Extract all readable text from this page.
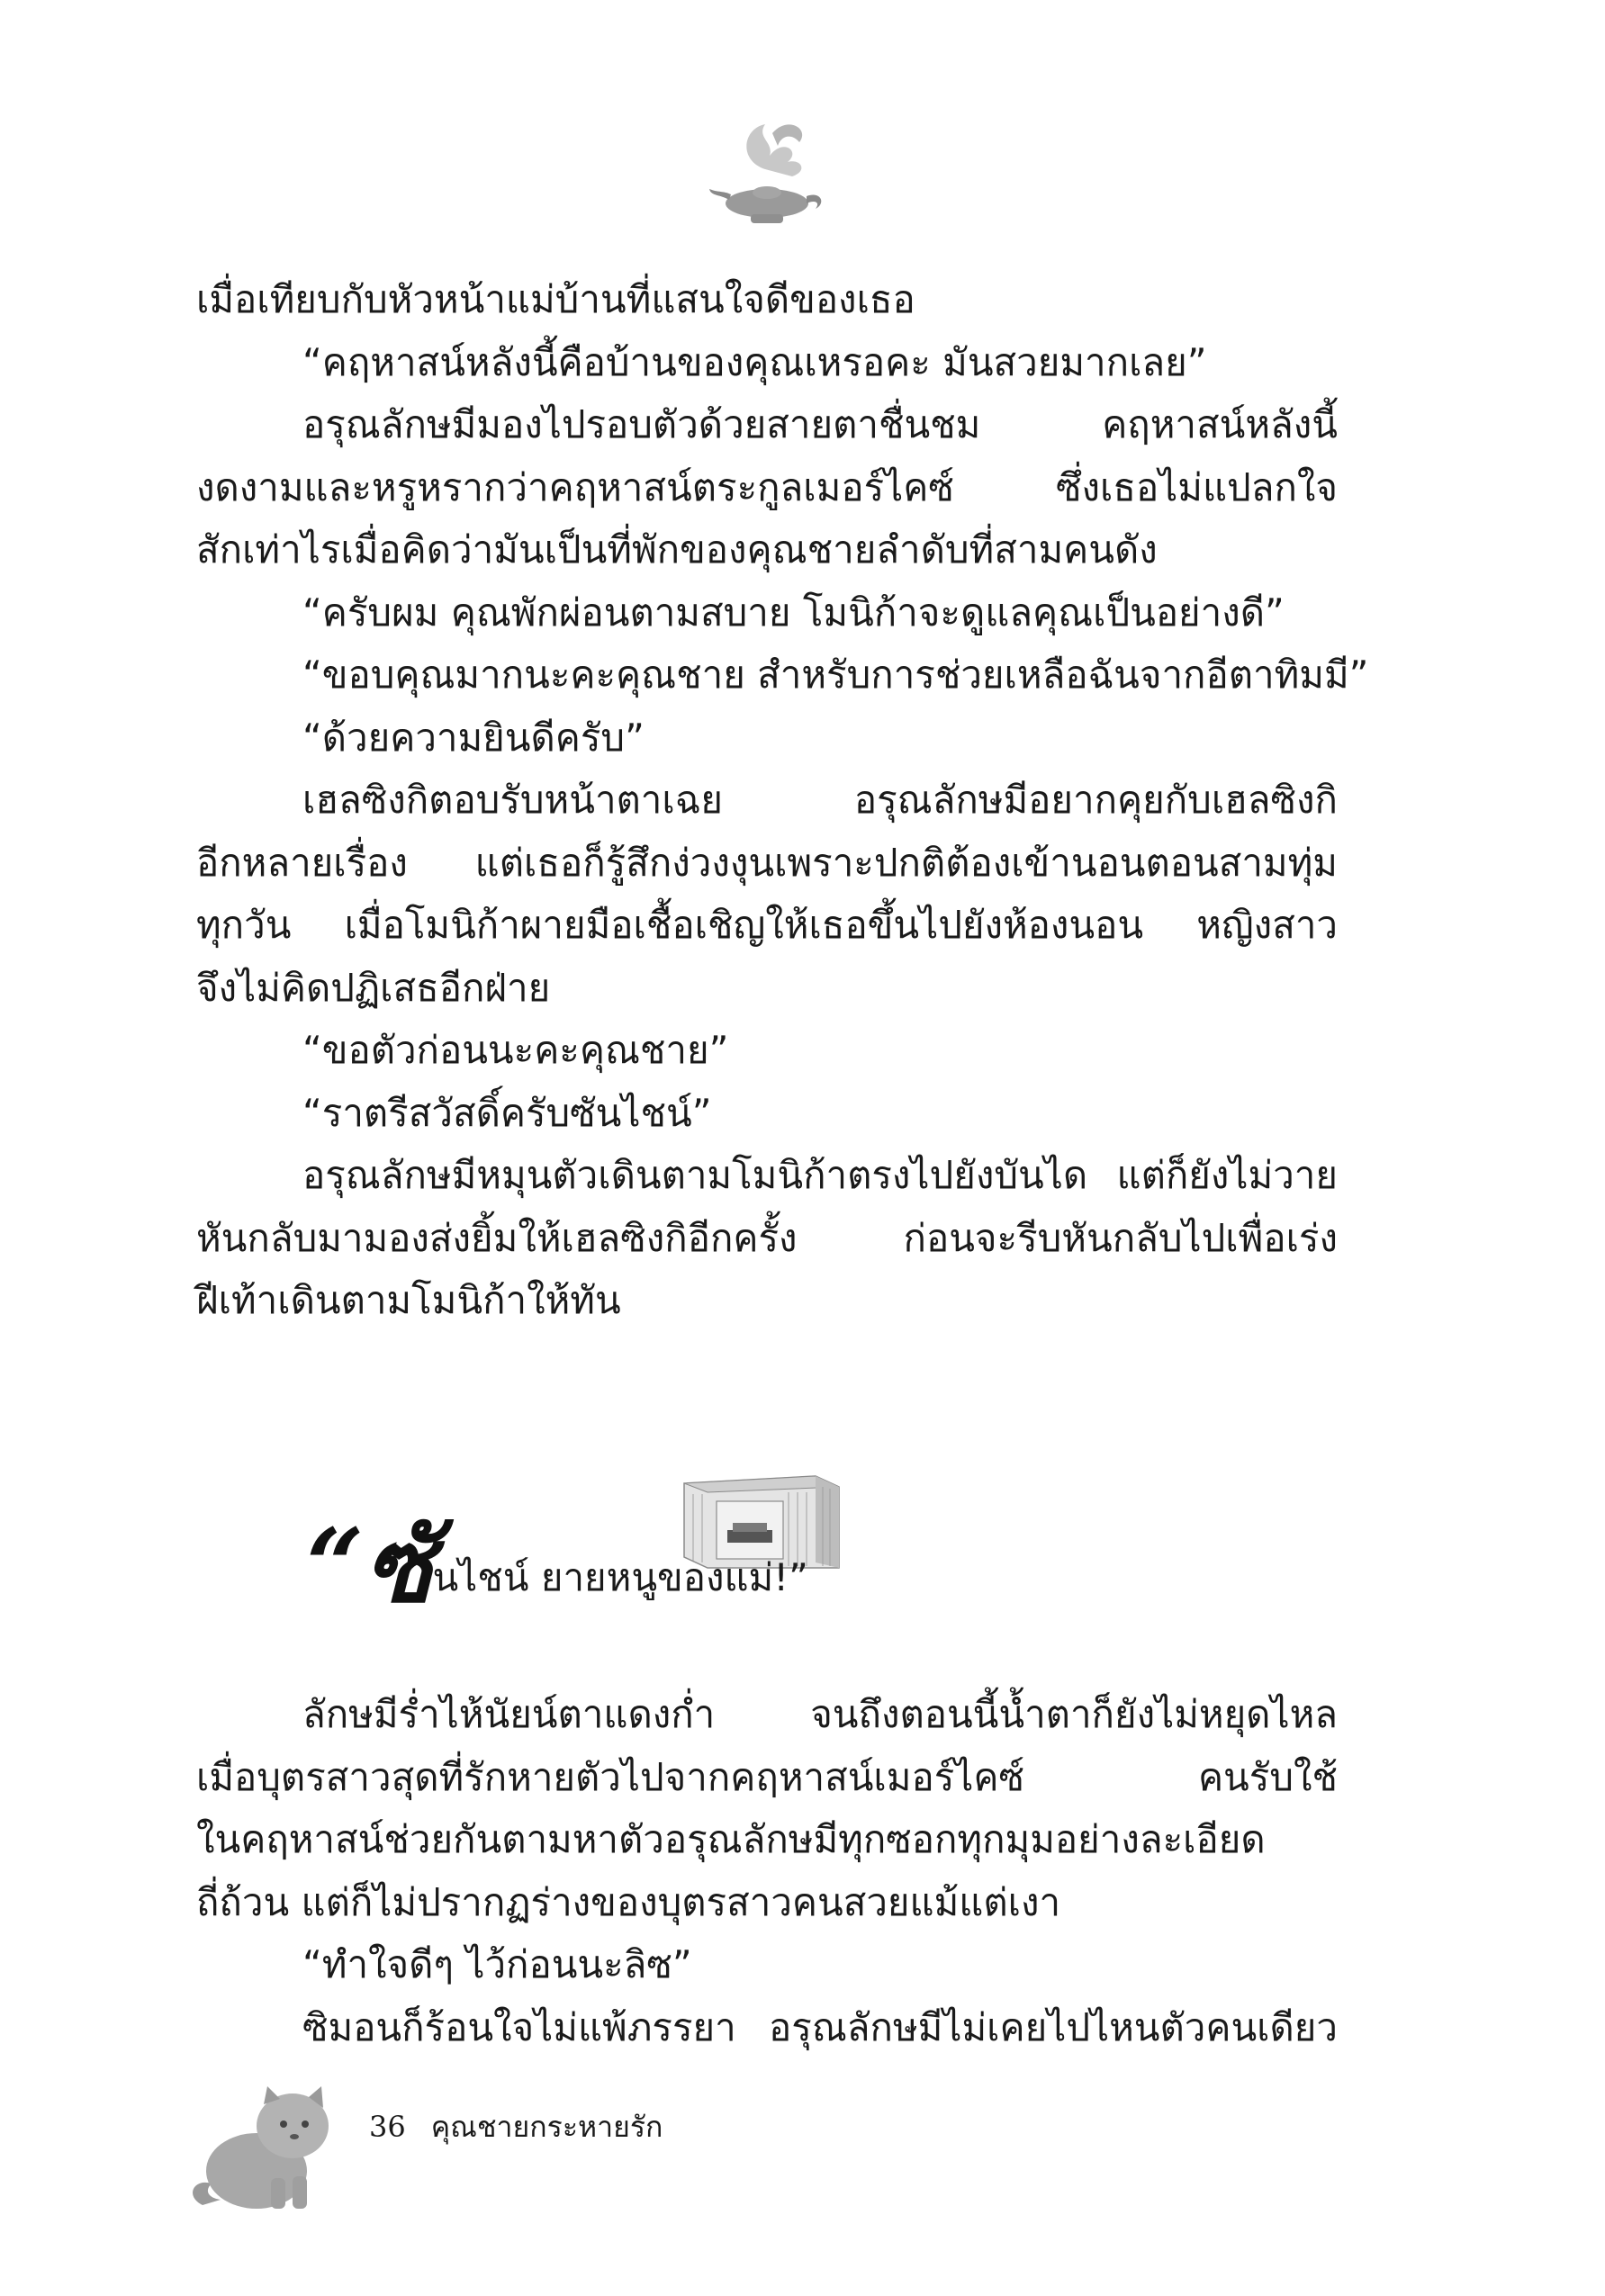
เมื่อเทียบกับหัวหน้าแม่บ้านที่แสนใจดีของเธอ
“คฤหาสน์หลังนี้คือบ้านของคุณเหรอคะ มันสวยมากเลย”
อรุณลักษมีมองไปรอบตัวด้วยสายตาชื่นชม คฤหาสน์หลังนี้
งดงามและหรูหรากว่าคฤหาสน์ตระกูลเมอร์ไคซ์ ซึ่งเธอไม่แปลกใจ
สักเท่าไรเมื่อคิดว่ามันเป็นที่พักของคุณชายลำดับที่สามคนดัง
“ครับผม คุณพักผ่อนตามสบาย โมนิก้าจะดูแลคุณเป็นอย่างดี”
“ขอบคุณมากนะคะคุณชาย สำหรับการช่วยเหลือฉันจากอีตาทิมมี”
“ด้วยความยินดีครับ”
เฮลซิงกิตอบรับหน้าตาเฉย อรุณลักษมีอยากคุยกับเฮลซิงกิ
อีกหลายเรื่อง แต่เธอก็รู้สึกง่วงงุนเพราะปกติต้องเข้านอนตอนสามทุ่ม
ทุกวัน เมื่อโมนิก้าผายมือเชื้อเชิญให้เธอขึ้นไปยังห้องนอน หญิงสาว
จึงไม่คิดปฏิเสธอีกฝ่าย
“ขอตัวก่อนนะคะคุณชาย”
“ราตรีสวัสดิ์ครับซันไชน์”
อรุณลักษมีหมุนตัวเดินตามโมนิก้าตรงไปยังบันได แต่ก็ยังไม่วาย
หันกลับมามองส่งยิ้มให้เฮลซิงกิอีกครั้ง ก่อนจะรีบหันกลับไปเพื่อเร่ง
ฝีเท้าเดินตามโมนิก้าให้ทัน
“ซันไชน์ ยายหนูของแม่!”
ลักษมีร่ำไห้นัยน์ตาแดงก่ำ จนถึงตอนนี้น้ำตาก็ยังไม่หยุดไหล
เมื่อบุตรสาวสุดที่รักหายตัวไปจากคฤหาสน์เมอร์ไคซ์ คนรับใช้
ในคฤหาสน์ช่วยกันตามหาตัวอรุณลักษมีทุกซอกทุกมุมอย่างละเอียด
ถี่ถ้วน แต่ก็ไม่ปรากฏร่างของบุตรสาวคนสวยแม้แต่เงา
“ทำใจดีๆ ไว้ก่อนนะลิซ”
ซิมอนก็ร้อนใจไม่แพ้ภรรยา อรุณลักษมีไม่เคยไปไหนตัวคนเดียว
36 คุณชายกระหายรัก
